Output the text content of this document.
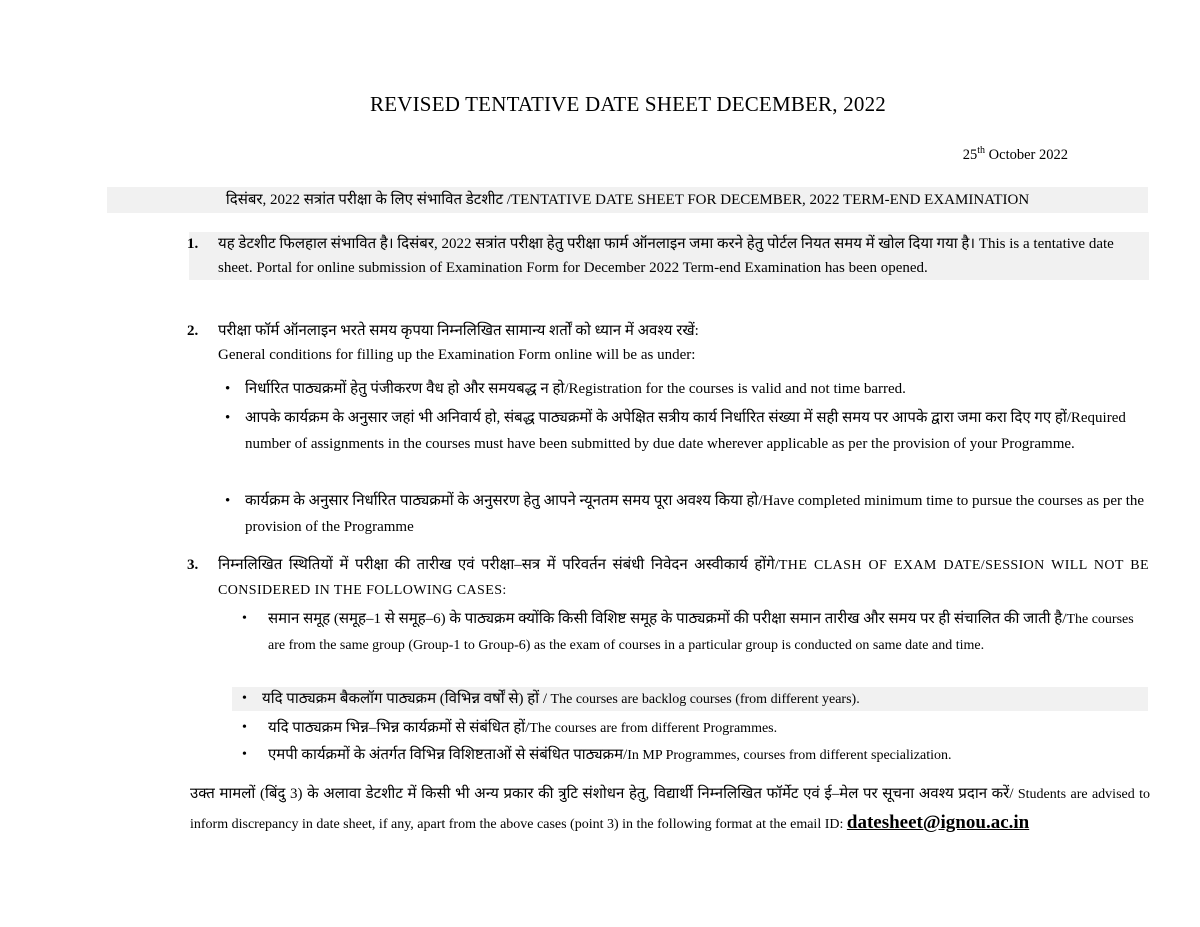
REVISED TENTATIVE DATE SHEET DECEMBER, 2022
25th October 2022
दिसंबर, 2022 सत्रांत परीक्षा के लिए संभावित डेटशीट /TENTATIVE DATE SHEET FOR DECEMBER, 2022 TERM-END EXAMINATION
1. यह डेटशीट फिलहाल संभावित है। दिसंबर, 2022 सत्रांत परीक्षा हेतु परीक्षा फार्म ऑनलाइन जमा करने हेतु पोर्टल नियत समय में खोल दिया गया है। This is a tentative date sheet. Portal for online submission of Examination Form for December 2022 Term-end Examination has been opened.
2. परीक्षा फॉर्म ऑनलाइन भरते समय कृपया निम्नलिखित सामान्य शर्तों को ध्यान में अवश्य रखें:
General conditions for filling up the Examination Form online will be as under:
• निर्धारित पाठ्यक्रमों हेतु पंजीकरण वैध हो और समयबद्ध न हो/Registration for the courses is valid and not time barred.
• आपके कार्यक्रम के अनुसार जहां भी अनिवार्य हो, संबद्ध पाठ्यक्रमों के अपेक्षित सत्रीय कार्य निर्धारित संख्या में सही समय पर आपके द्वारा जमा करा दिए गए हों/Required number of assignments in the courses must have been submitted by due date wherever applicable as per the provision of your Programme.
• कार्यक्रम के अनुसार निर्धारित पाठ्यक्रमों के अनुसरण हेतु आपने न्यूनतम समय पूरा अवश्य किया हो/Have completed minimum time to pursue the courses as per the provision of the Programme
3. निम्नलिखित स्थितियों में परीक्षा की तारीख एवं परीक्षा–सत्र में परिवर्तन संबंधी निवेदन अस्वीकार्य होंगे/THE CLASH OF EXAM DATE/SESSION WILL NOT BE CONSIDERED IN THE FOLLOWING CASES:
• समान समूह (समूह–1 से समूह–6) के पाठ्यक्रम क्योंकि किसी विशिष्ट समूह के पाठ्यक्रमों की परीक्षा समान तारीख और समय पर ही संचालित की जाती है/The courses are from the same group (Group-1 to Group-6) as the exam of courses in a particular group is conducted on same date and time.
• यदि पाठ्यक्रम बैकलॉग पाठ्यक्रम (विभिन्न वर्षों से) हों / The courses are backlog courses (from different years).
• यदि पाठ्यक्रम भिन्न–भिन्न कार्यक्रमों से संबंधित हों/The courses are from different Programmes.
• एमपी कार्यक्रमों के अंतर्गत विभिन्न विशिष्टताओं से संबंधित पाठ्यक्रम/In MP Programmes, courses from different specialization.
उक्त मामलों (बिंदु 3) के अलावा डेटशीट में किसी भी अन्य प्रकार की त्रुटि संशोधन हेतु, विद्यार्थी निम्नलिखित फॉर्मेट एवं ई–मेल पर सूचना अवश्य प्रदान करें/ Students are advised to inform discrepancy in date sheet, if any, apart from the above cases (point 3) in the following format at the email ID: datesheet@ignou.ac.in
